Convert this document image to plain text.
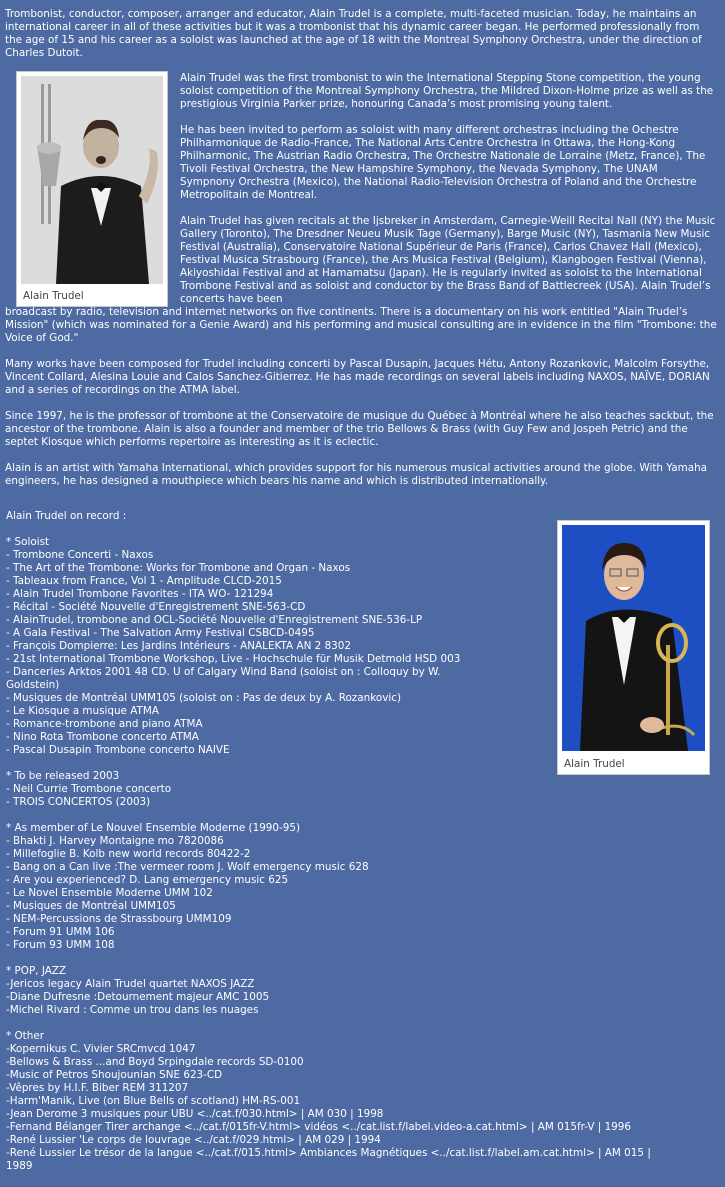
Trombonist, conductor, composer, arranger and educator, Alain Trudel is a complete, multi-faceted musician. Today, he maintains an international career in all of these activities but it was a trombonist that his dynamic career began. He performed professionally from the age of 15 and his career as a soloist was launched at the age of 18 with the Montreal Symphony Orchestra, under the direction of Charles Dutoit.

Alain Trudel

Alain Trudel was the first trombonist to win the International Stepping Stone competition, the young soloist competition of the Montreal Symphony Orchestra, the Mildred Dixon-Holme prize as well as the prestigious Virginia Parker prize, honouring Canada’s most promising young talent.

He has been invited to perform as soloist with many different orchestras including the Ochestre Philharmonique de Radio-France, The National Arts Centre Orchestra in Ottawa, the Hong-Kong Philharmonic, The Austrian Radio Orchestra, The Orchestre Nationale de Lorraine (Metz, France), The Tivoli Festival Orchestra, the New Hampshire Symphony, the Nevada Symphony, The UNAM Sympnony Orchestra (Mexico), the National Radio-Television Orchestra of Poland and the Orchestre Metropolitain de Montreal.

Alain Trudel has given recitals at the Ijsbreker in Amsterdam, Carnegie-Weill Recital Nall (NY) the Music Gallery (Toronto), The Dresdner Neueu Musik Tage (Germany), Barge Music (NY), Tasmania New Music Festival (Australia), Conservatoire National Supérieur de Paris (France), Carlos Chavez Hall (Mexico), Festival Musica Strasbourg (France), the Ars Musica Festival (Belgium), Klangbogen Festival (Vienna), Akiyoshidai Festival and at Hamamatsu (Japan). He is regularly invited as soloist to the International Trombone Festival and as soloist and conductor by the Brass Band of Battlecreek (USA). Alain Trudel’s concerts have been

broadcast by radio, television and internet networks on five continents. There is a documentary on his work entitled "Alain Trudel’s Mission" (which was nominated for a Genie Award) and his performing and musical consulting are in evidence in the film "Trombone: the Voice of God."

Many works have been composed for Trudel including concerti by Pascal Dusapin, Jacques Hétu, Antony Rozankovic, Malcolm Forsythe, Vincent Collard, Alesina Louie and Calos Sanchez-Gitierrez. He has made recordings on several labels including NAXOS, NAÏVE, DORIAN and a series of recordings on the ATMA label.

Since 1997, he is the professor of trombone at the Conservatoire de musique du Québec à Montréal where he also teaches sackbut, the ancestor of the trombone. Alain is also a founder and member of the trio Bellows & Brass (with Guy Few and Jospeh Petric) and the septet Kiosque which performs repertoire as interesting as it is eclectic.

Alain is an artist with Yamaha International, which provides support for his numerous musical activities around the globe. With Yamaha engineers, he has designed a mouthpiece which bears his name and which is distributed internationally.

Alain Trudel

Alain Trudel on record :

* Soloist
- Trombone Concerti - Naxos
- The Art of the Trombone: Works for Trombone and Organ - Naxos
- Tableaux from France, Vol 1 - Amplitude CLCD-2015
- Alain Trudel Trombone Favorites - ITA WO- 121294
- Récital - Société Nouvelle d'Enregistrement SNE-563-CD
- AlainTrudel, trombone and OCL-Société Nouvelle d'Enregistrement SNE-536-LP
- A Gala Festival - The Salvation Army Festival CSBCD-0495
- François Dompierre: Les Jardins Intérieurs - ANALEKTA AN 2 8302
- 21st International Trombone Workshop, Live - Hochschule für Musik Detmold HSD 003
- Danceries Arktos 2001 48 CD. U of Calgary Wind Band (soloist on : Colloquy by W.
Goldstein)
- Musiques de Montréal UMM105 (soloist on : Pas de deux by A. Rozankovic)
- Le Kiosque a musique ATMA
- Romance-trombone and piano ATMA
- Nino Rota Trombone concerto ATMA
- Pascal Dusapin Trombone concerto NAIVE

* To be released 2003
- Neil Currie Trombone concerto
- TROIS CONCERTOS (2003)

* As member of Le Nouvel Ensemble Moderne (1990-95)
- Bhakti J. Harvey Montaigne mo 7820086
- Millefoglie B. Kolb new world records 80422-2
- Bang on a Can live :The vermeer room J. Wolf emergency music 628
- Are you experienced? D. Lang emergency music 625
- Le Novel Ensemble Moderne UMM 102
- Musiques de Montréal UMM105
- NEM-Percussions de Strassbourg UMM109
- Forum 91 UMM 106
- Forum 93 UMM 108

* POP, JAZZ
-Jericos legacy Alain Trudel quartet NAXOS JAZZ
-Diane Dufresne :Detournement majeur AMC 1005
-Michel Rivard : Comme un trou dans les nuages

* Other
-Kopernikus C. Vivier SRCmvcd 1047
-Bellows & Brass ...and Boyd Srpingdale records SD-0100
-Music of Petros Shoujounian SNE 623-CD
-Vêpres by H.I.F. Biber REM 311207
-Harm'Manik, Live (on Blue Bells of scotland) HM-RS-001
-Jean Derome 3 musiques pour UBU <../cat.f/030.html> | AM 030 | 1998
-Fernand Bélanger Tirer archange <../cat.f/015fr-V.html> vidéos <../cat.list.f/label.video-a.cat.html> | AM 015fr-V | 1996
-René Lussier 'Le corps de louvrage <../cat.f/029.html> | AM 029 | 1994
-René Lussier Le trésor de la langue <../cat.f/015.html> Ambiances Magnétiques <../cat.list.f/label.am.cat.html> | AM 015 |
1989
